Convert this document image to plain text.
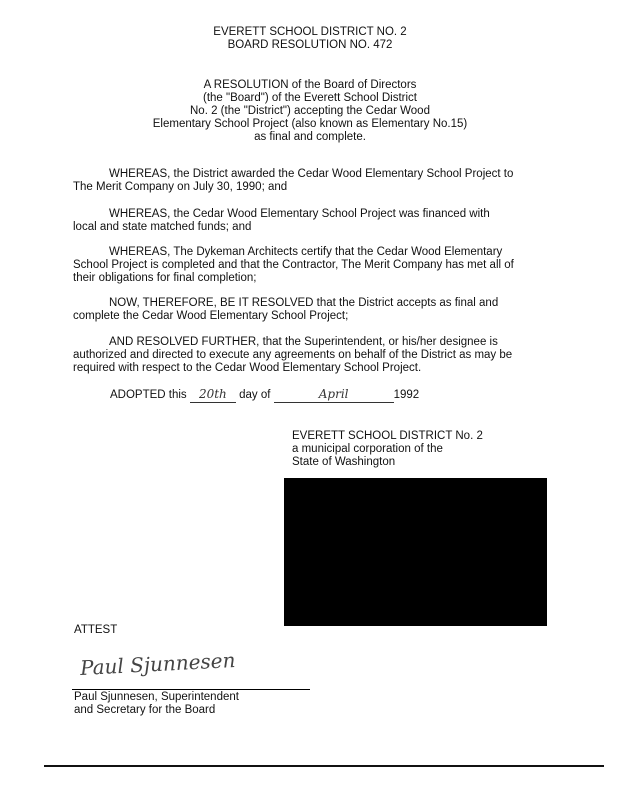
EVERETT SCHOOL DISTRICT NO. 2
BOARD RESOLUTION NO. 472
A RESOLUTION of the Board of Directors
(the "Board") of the Everett School District
No. 2 (the "District") accepting the Cedar Wood
Elementary School Project (also known as Elementary No.15)
as final and complete.
WHEREAS, the District awarded the Cedar Wood Elementary School Project to
The Merit Company on July 30, 1990; and
WHEREAS, the Cedar Wood Elementary School Project was financed with
local and state matched funds; and
WHEREAS, The Dykeman Architects certify that the Cedar Wood Elementary
School Project is completed and that the Contractor, The Merit Company has met all of
their obligations for final completion;
NOW, THEREFORE, BE IT RESOLVED that the District accepts as final and
complete the Cedar Wood Elementary School Project;
AND RESOLVED FURTHER, that the Superintendent, or his/her designee is
authorized and directed to execute any agreements on behalf of the District as may be
required with respect to the Cedar Wood Elementary School Project.
ADOPTED this 20th day of	April	1992
EVERETT SCHOOL DISTRICT No. 2
a municipal corporation of the
State of Washington
ATTEST
Paul Sjunnesen
Paul Sjunnesen, Superintendent
and Secretary for the Board
